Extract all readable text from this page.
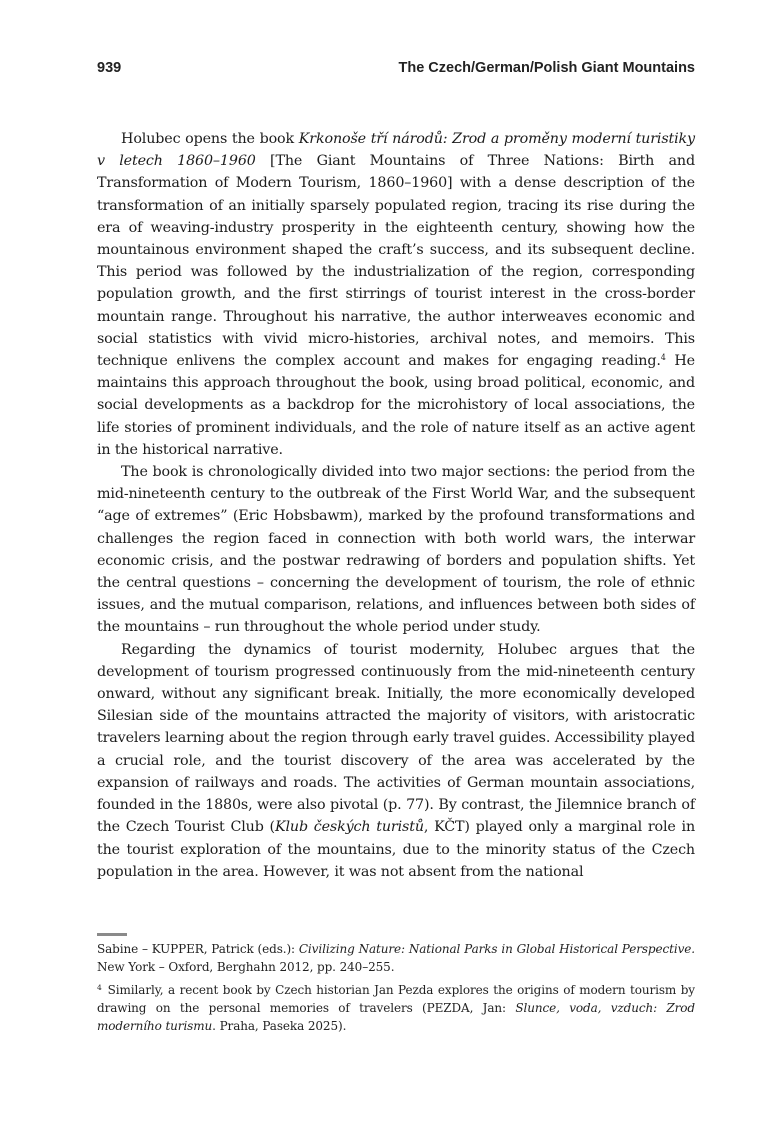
939	The Czech/German/Polish Giant Mountains

Holubec opens the book Krkonoše tří národů: Zrod a proměny moderní turistiky v letech 1860–1960 [The Giant Mountains of Three Nations: Birth and Transformation of Modern Tourism, 1860–1960] with a dense description of the transformation of an initially sparsely populated region, tracing its rise during the era of weaving-industry prosperity in the eighteenth century, showing how the mountainous environment shaped the craft’s success, and its subsequent decline. This period was followed by the industrialization of the region, corresponding population growth, and the first stirrings of tourist interest in the cross-border mountain range. Throughout his narrative, the author interweaves economic and social statistics with vivid micro-histories, archival notes, and memoirs. This technique enlivens the complex account and makes for engaging reading.$^4$ He maintains this approach throughout the book, using broad political, economic, and social developments as a backdrop for the microhistory of local associations, the life stories of prominent individuals, and the role of nature itself as an active agent in the historical narrative.

The book is chronologically divided into two major sections: the period from the mid-nineteenth century to the outbreak of the First World War, and the subsequent “age of extremes” (Eric Hobsbawm), marked by the profound transformations and challenges the region faced in connection with both world wars, the interwar economic crisis, and the postwar redrawing of borders and population shifts. Yet the central questions – concerning the development of tourism, the role of ethnic issues, and the mutual comparison, relations, and influences between both sides of the mountains – run throughout the whole period under study.

Regarding the dynamics of tourist modernity, Holubec argues that the development of tourism progressed continuously from the mid-nineteenth century onward, without any significant break. Initially, the more economically developed Silesian side of the mountains attracted the majority of visitors, with aristocratic travelers learning about the region through early travel guides. Accessibility played a crucial role, and the tourist discovery of the area was accelerated by the expansion of railways and roads. The activities of German mountain associations, founded in the 1880s, were also pivotal (p. 77). By contrast, the Jilemnice branch of the Czech Tourist Club (Klub českých turistů, KČT) played only a marginal role in the tourist exploration of the mountains, due to the minority status of the Czech population in the area. However, it was not absent from the national

Sabine – KUPPER, Patrick (eds.): Civilizing Nature: National Parks in Global Historical Perspective. New York – Oxford, Berghahn 2012, pp. 240–255.

$^4$ Similarly, a recent book by Czech historian Jan Pezda explores the origins of modern tourism by drawing on the personal memories of travelers (PEZDA, Jan: Slunce, voda, vzduch: Zrod moderního turismu. Praha, Paseka 2025).
